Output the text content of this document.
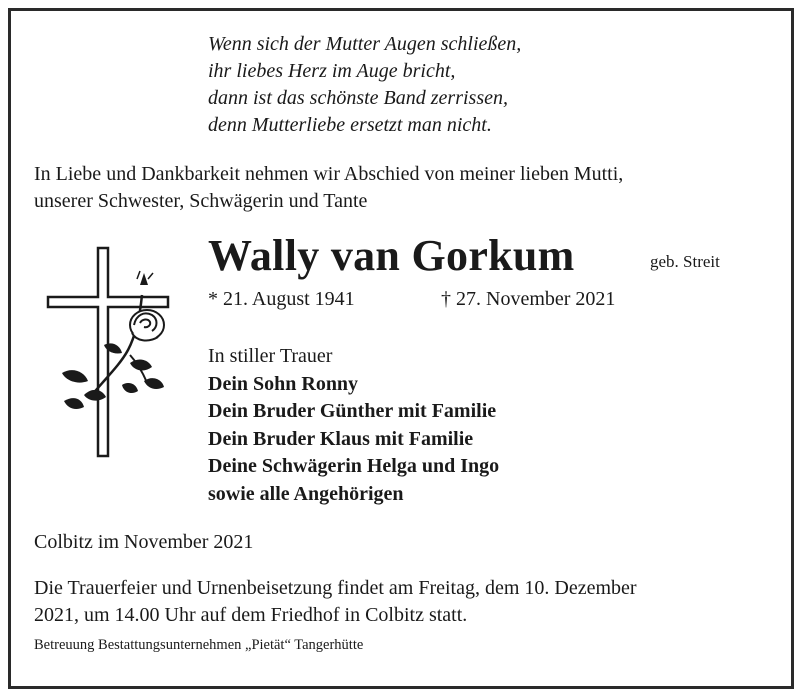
Wenn sich der Mutter Augen schließen,
ihr liebes Herz im Auge bricht,
dann ist das schönste Band zerrissen,
denn Mutterliebe ersetzt man nicht.
In Liebe und Dankbarkeit nehmen wir Abschied von meiner lieben Mutti,
unserer Schwester, Schwägerin und Tante
Wally van Gorkum	geb. Streit
* 21. August 1941	† 27. November 2021
In stiller Trauer
Dein Sohn Ronny
Dein Bruder Günther mit Familie
Dein Bruder Klaus mit Familie
Deine Schwägerin Helga und Ingo
sowie alle Angehörigen
Colbitz im November 2021
Die Trauerfeier und Urnenbeisetzung findet am Freitag, dem 10. Dezember
2021, um 14.00 Uhr auf dem Friedhof in Colbitz statt.
Betreuung Bestattungsunternehmen „Pietät“ Tangerhütte
